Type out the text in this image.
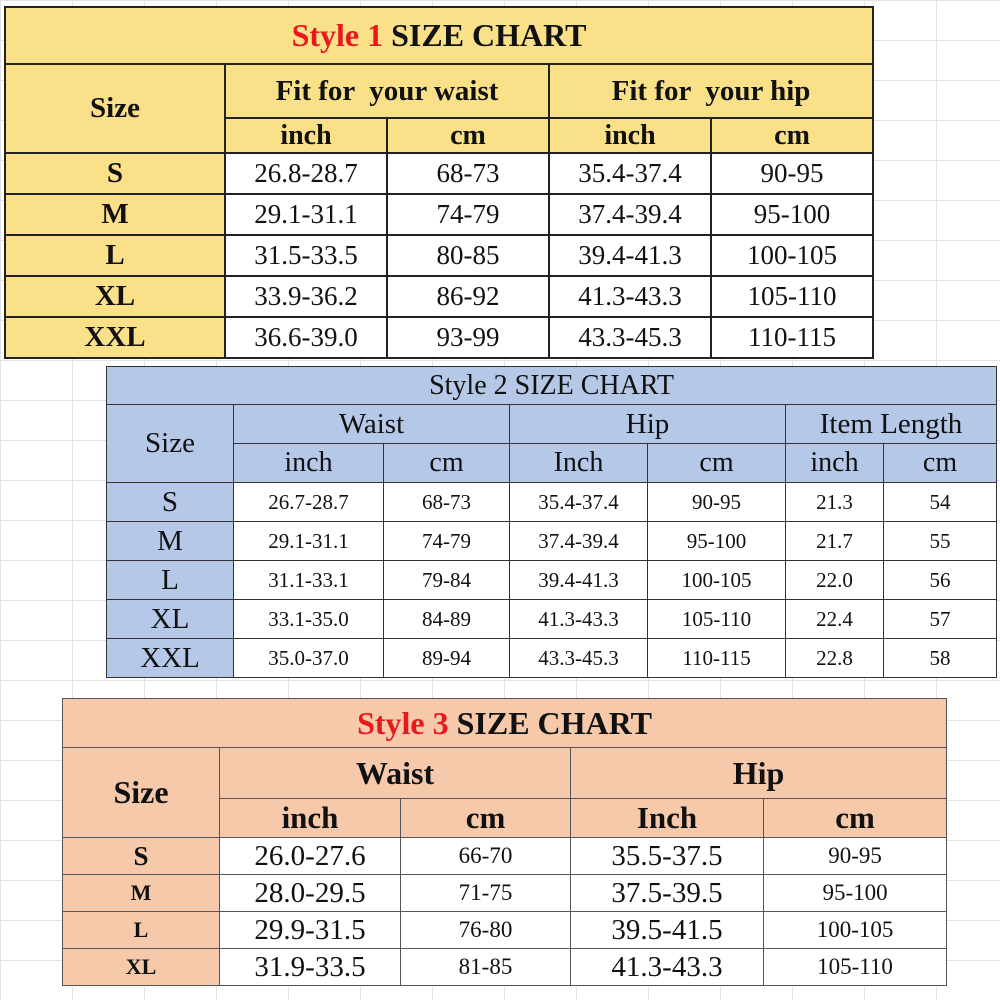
Style 1 SIZE CHART				
Size	Fit for  your waist		Fit for  your hip	
	inch	cm	inch	cm
S	26.8-28.7	68-73	35.4-37.4	90-95
M	29.1-31.1	74-79	37.4-39.4	95-100
L	31.5-33.5	80-85	39.4-41.3	100-105
XL	33.9-36.2	86-92	41.3-43.3	105-110
XXL	36.6-39.0	93-99	43.3-45.3	110-115
Style 2 SIZE CHART						
Size	Waist		Hip		Item Length	
	inch	cm	Inch	cm	inch	cm
S	26.7-28.7	68-73	35.4-37.4	90-95	21.3	54
M	29.1-31.1	74-79	37.4-39.4	95-100	21.7	55
L	31.1-33.1	79-84	39.4-41.3	100-105	22.0	56
XL	33.1-35.0	84-89	41.3-43.3	105-110	22.4	57
XXL	35.0-37.0	89-94	43.3-45.3	110-115	22.8	58
Style 3 SIZE CHART				
Size	Waist		Hip	
	inch	cm	Inch	cm
S	26.0-27.6	66-70	35.5-37.5	90-95
M	28.0-29.5	71-75	37.5-39.5	95-100
L	29.9-31.5	76-80	39.5-41.5	100-105
XL	31.9-33.5	81-85	41.3-43.3	105-110
